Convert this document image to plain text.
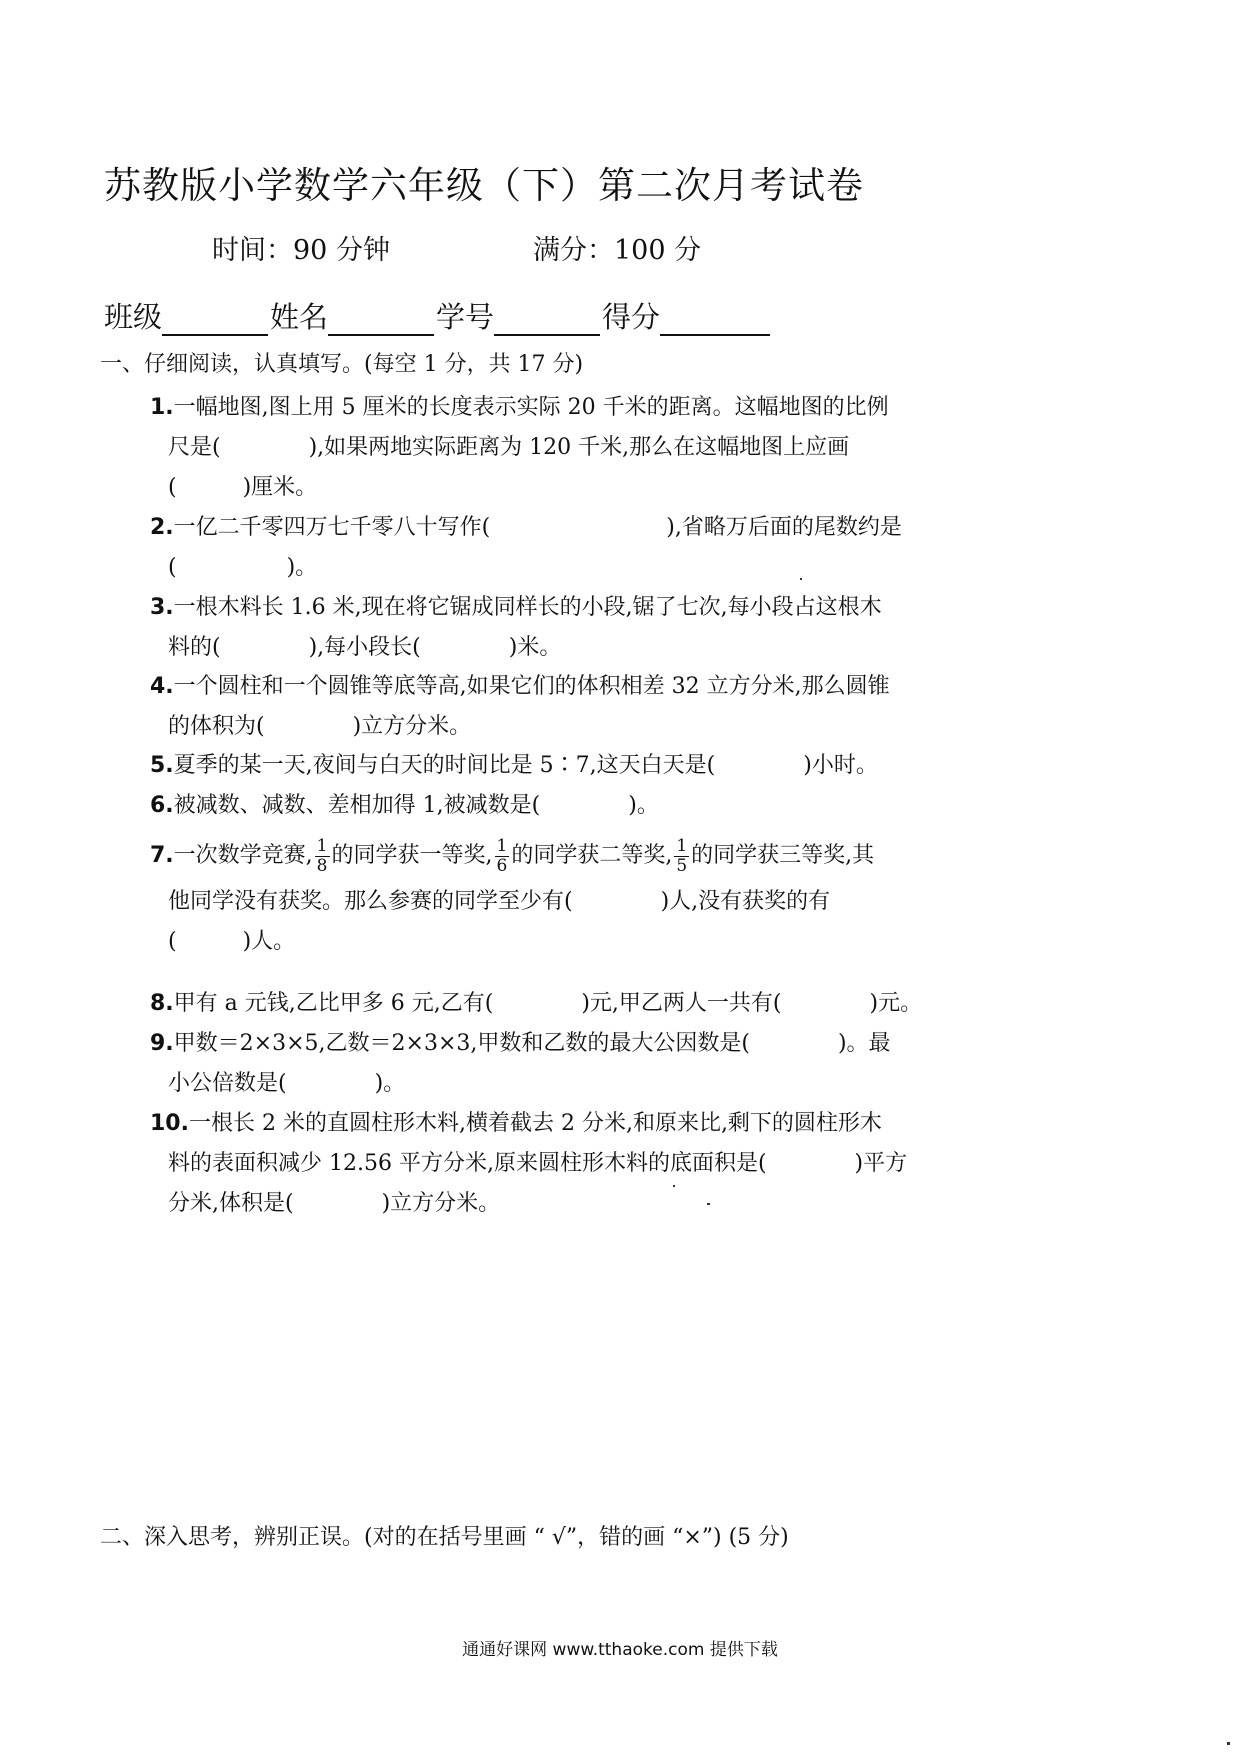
苏教版小学数学六年级（下）第二次月考试卷
时间：90 分钟	满分：100 分
班级	姓名	学号	得分
一、仔细阅读，认真填写。(每空 1 分，共 17 分)
1.一幅地图,图上用 5 厘米的长度表示实际 20 千米的距离。这幅地图的比例
尺是(　　　　),如果两地实际距离为 120 千米,那么在这幅地图上应画
(　　　)厘米。
2.一亿二千零四万七千零八十写作(　　　　　　　　),省略万后面的尾数约是
(　　　　　)。
3.一根木料长 1.6 米,现在将它锯成同样长的小段,锯了七次,每小段占这根木
料的(　　　　),每小段长(　　　　)米。
4.一个圆柱和一个圆锥等底等高,如果它们的体积相差 32 立方分米,那么圆锥
的体积为(　　　　)立方分米。
5.夏季的某一天,夜间与白天的时间比是 5∶7,这天白天是(　　　　)小时。
6.被减数、减数、差相加得 1,被减数是(　　　　)。
7.一次数学竞赛, $\frac{1}{8}$ 的同学获一等奖, $\frac{1}{6}$ 的同学获二等奖, $\frac{1}{5}$ 的同学获三等奖,其
他同学没有获奖。那么参赛的同学至少有(　　　　)人,没有获奖的有
(　　　)人。
8.甲有 a 元钱,乙比甲多 6 元,乙有(　　　　)元,甲乙两人一共有(　　　　)元。
9.甲数＝2×3×5,乙数＝2×3×3,甲数和乙数的最大公因数是(　　　　)。最
小公倍数是(　　　　)。
10.一根长 2 米的直圆柱形木料,横着截去 2 分米,和原来比,剩下的圆柱形木
料的表面积减少 12.56 平方分米,原来圆柱形木料的底面积是(　　　　)平方
分米,体积是(　　　　)立方分米。
二、深入思考，辨别正误。(对的在括号里画 “ √”，错的画 “×”) (5 分)
通通好课网 www.tthaoke.com 提供下载
